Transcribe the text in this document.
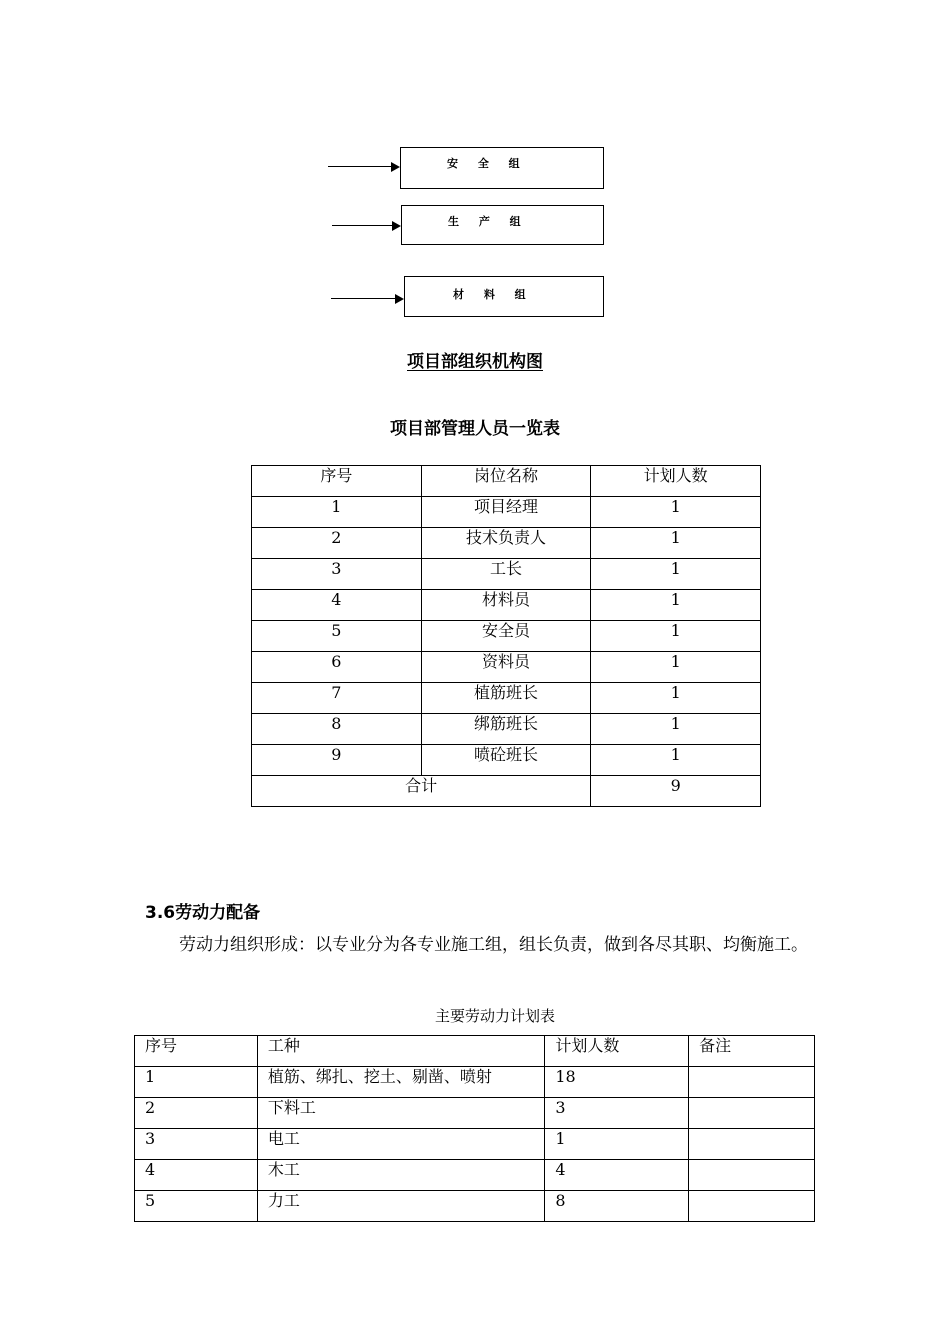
安 全 组
生 产 组
材 料 组
项目部组织机构图
项目部管理人员一览表
序号	岗位名称	计划人数
1	项目经理	1
2	技术负责人	1
3	工长	1
4	材料员	1
5	安全员	1
6	资料员	1
7	植筋班长	1
8	绑筋班长	1
9	喷砼班长	1
合计		9
3.6劳动力配备
劳动力组织形成：以专业分为各专业施工组，组长负责，做到各尽其职、均衡施工。
主要劳动力计划表
序号	工种	计划人数	备注
1	植筋、绑扎、挖土、剔凿、喷射	18	
2	下料工	3	
3	电工	1	
4	木工	4	
5	力工	8	
